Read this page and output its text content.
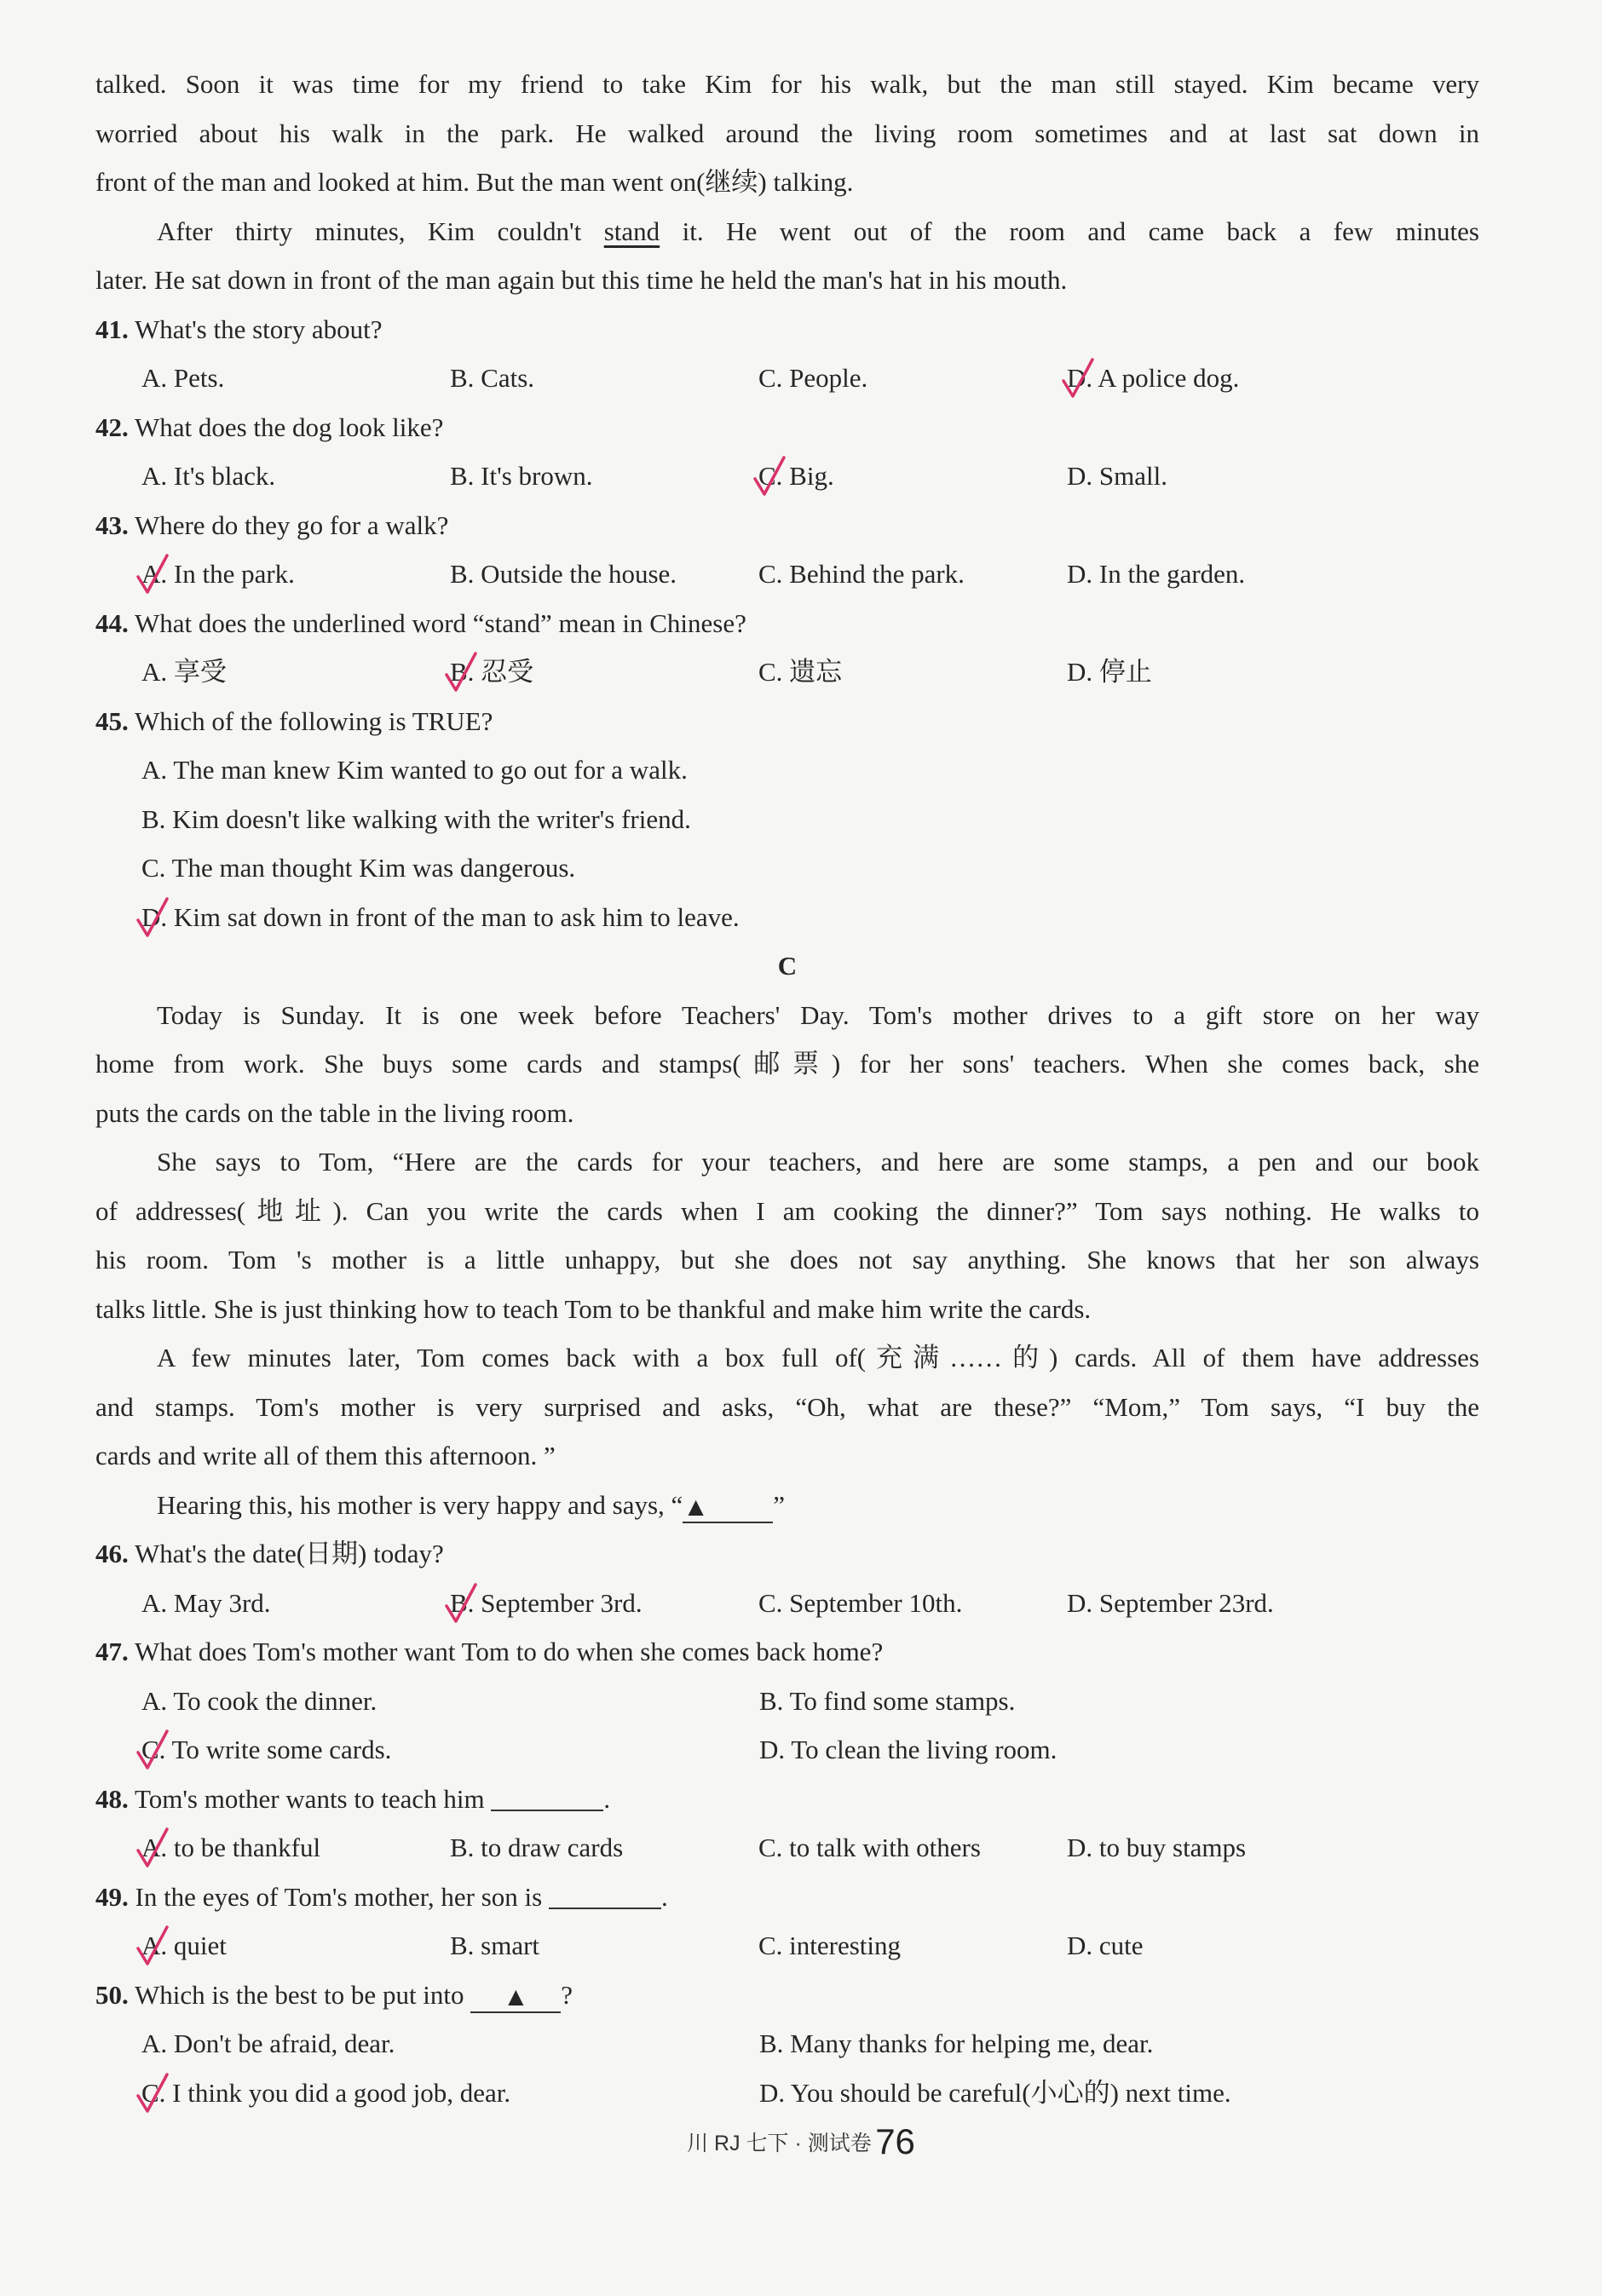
talked. Soon it was time for my friend to take Kim for his walk, but the man still stayed. Kim became very
worried about his walk in the park. He walked around the living room sometimes and at last sat down in
front of the man and looked at him. But the man went on(继续) talking.
After thirty minutes, Kim couldn't stand it. He went out of the room and came back a few minutes
later. He sat down in front of the man again but this time he held the man's hat in his mouth.
41. What's the story about?
A. Pets.	B. Cats.	C. People.	D. A police dog.
42. What does the dog look like?
A. It's black.	B. It's brown.	C. Big.	D. Small.
43. Where do they go for a walk?
A. In the park.	B. Outside the house.	C. Behind the park.	D. In the garden.
44. What does the underlined word “stand” mean in Chinese?
A. 享受	B. 忍受	C. 遗忘	D. 停止
45. Which of the following is TRUE?
A. The man knew Kim wanted to go out for a walk.
B. Kim doesn't like walking with the writer's friend.
C. The man thought Kim was dangerous.
D. Kim sat down in front of the man to ask him to leave.
C
Today is Sunday. It is one week before Teachers' Day. Tom's mother drives to a gift store on her way
home from work. She buys some cards and stamps(邮票) for her sons' teachers. When she comes back, she
puts the cards on the table in the living room.
She says to Tom, “Here are the cards for your teachers, and here are some stamps, a pen and our book
of addresses(地址). Can you write the cards when I am cooking the dinner?” Tom says nothing. He walks to
his room. Tom 's mother is a little unhappy, but she does not say anything. She knows that her son always
talks little. She is just thinking how to teach Tom to be thankful and make him write the cards.
A few minutes later, Tom comes back with a box full of(充满……的) cards. All of them have addresses
and stamps. Tom's mother is very surprised and asks, “Oh, what are these?” “Mom,” Tom says, “I buy the
cards and write all of them this afternoon. ”
Hearing this, his mother is very happy and says, “▲ ”
46. What's the date(日期) today?
A. May 3rd.	B. September 3rd.	C. September 10th.	D. September 23rd.
47. What does Tom's mother want Tom to do when she comes back home?
A. To cook the dinner.	B. To find some stamps.
C. To write some cards.	D. To clean the living room.
48. Tom's mother wants to teach him	.
A. to be thankful	B. to draw cards	C. to talk with others	D. to buy stamps
49. In the eyes of Tom's mother, her son is	.
A. quiet	B. smart	C. interesting	D. cute
50. Which is the best to be put into ▲ ?
A. Don't be afraid, dear.	B. Many thanks for helping me, dear.
C. I think you did a good job, dear.	D. You should be careful(小心的) next time.
川 RJ 七下 · 测试卷 76
